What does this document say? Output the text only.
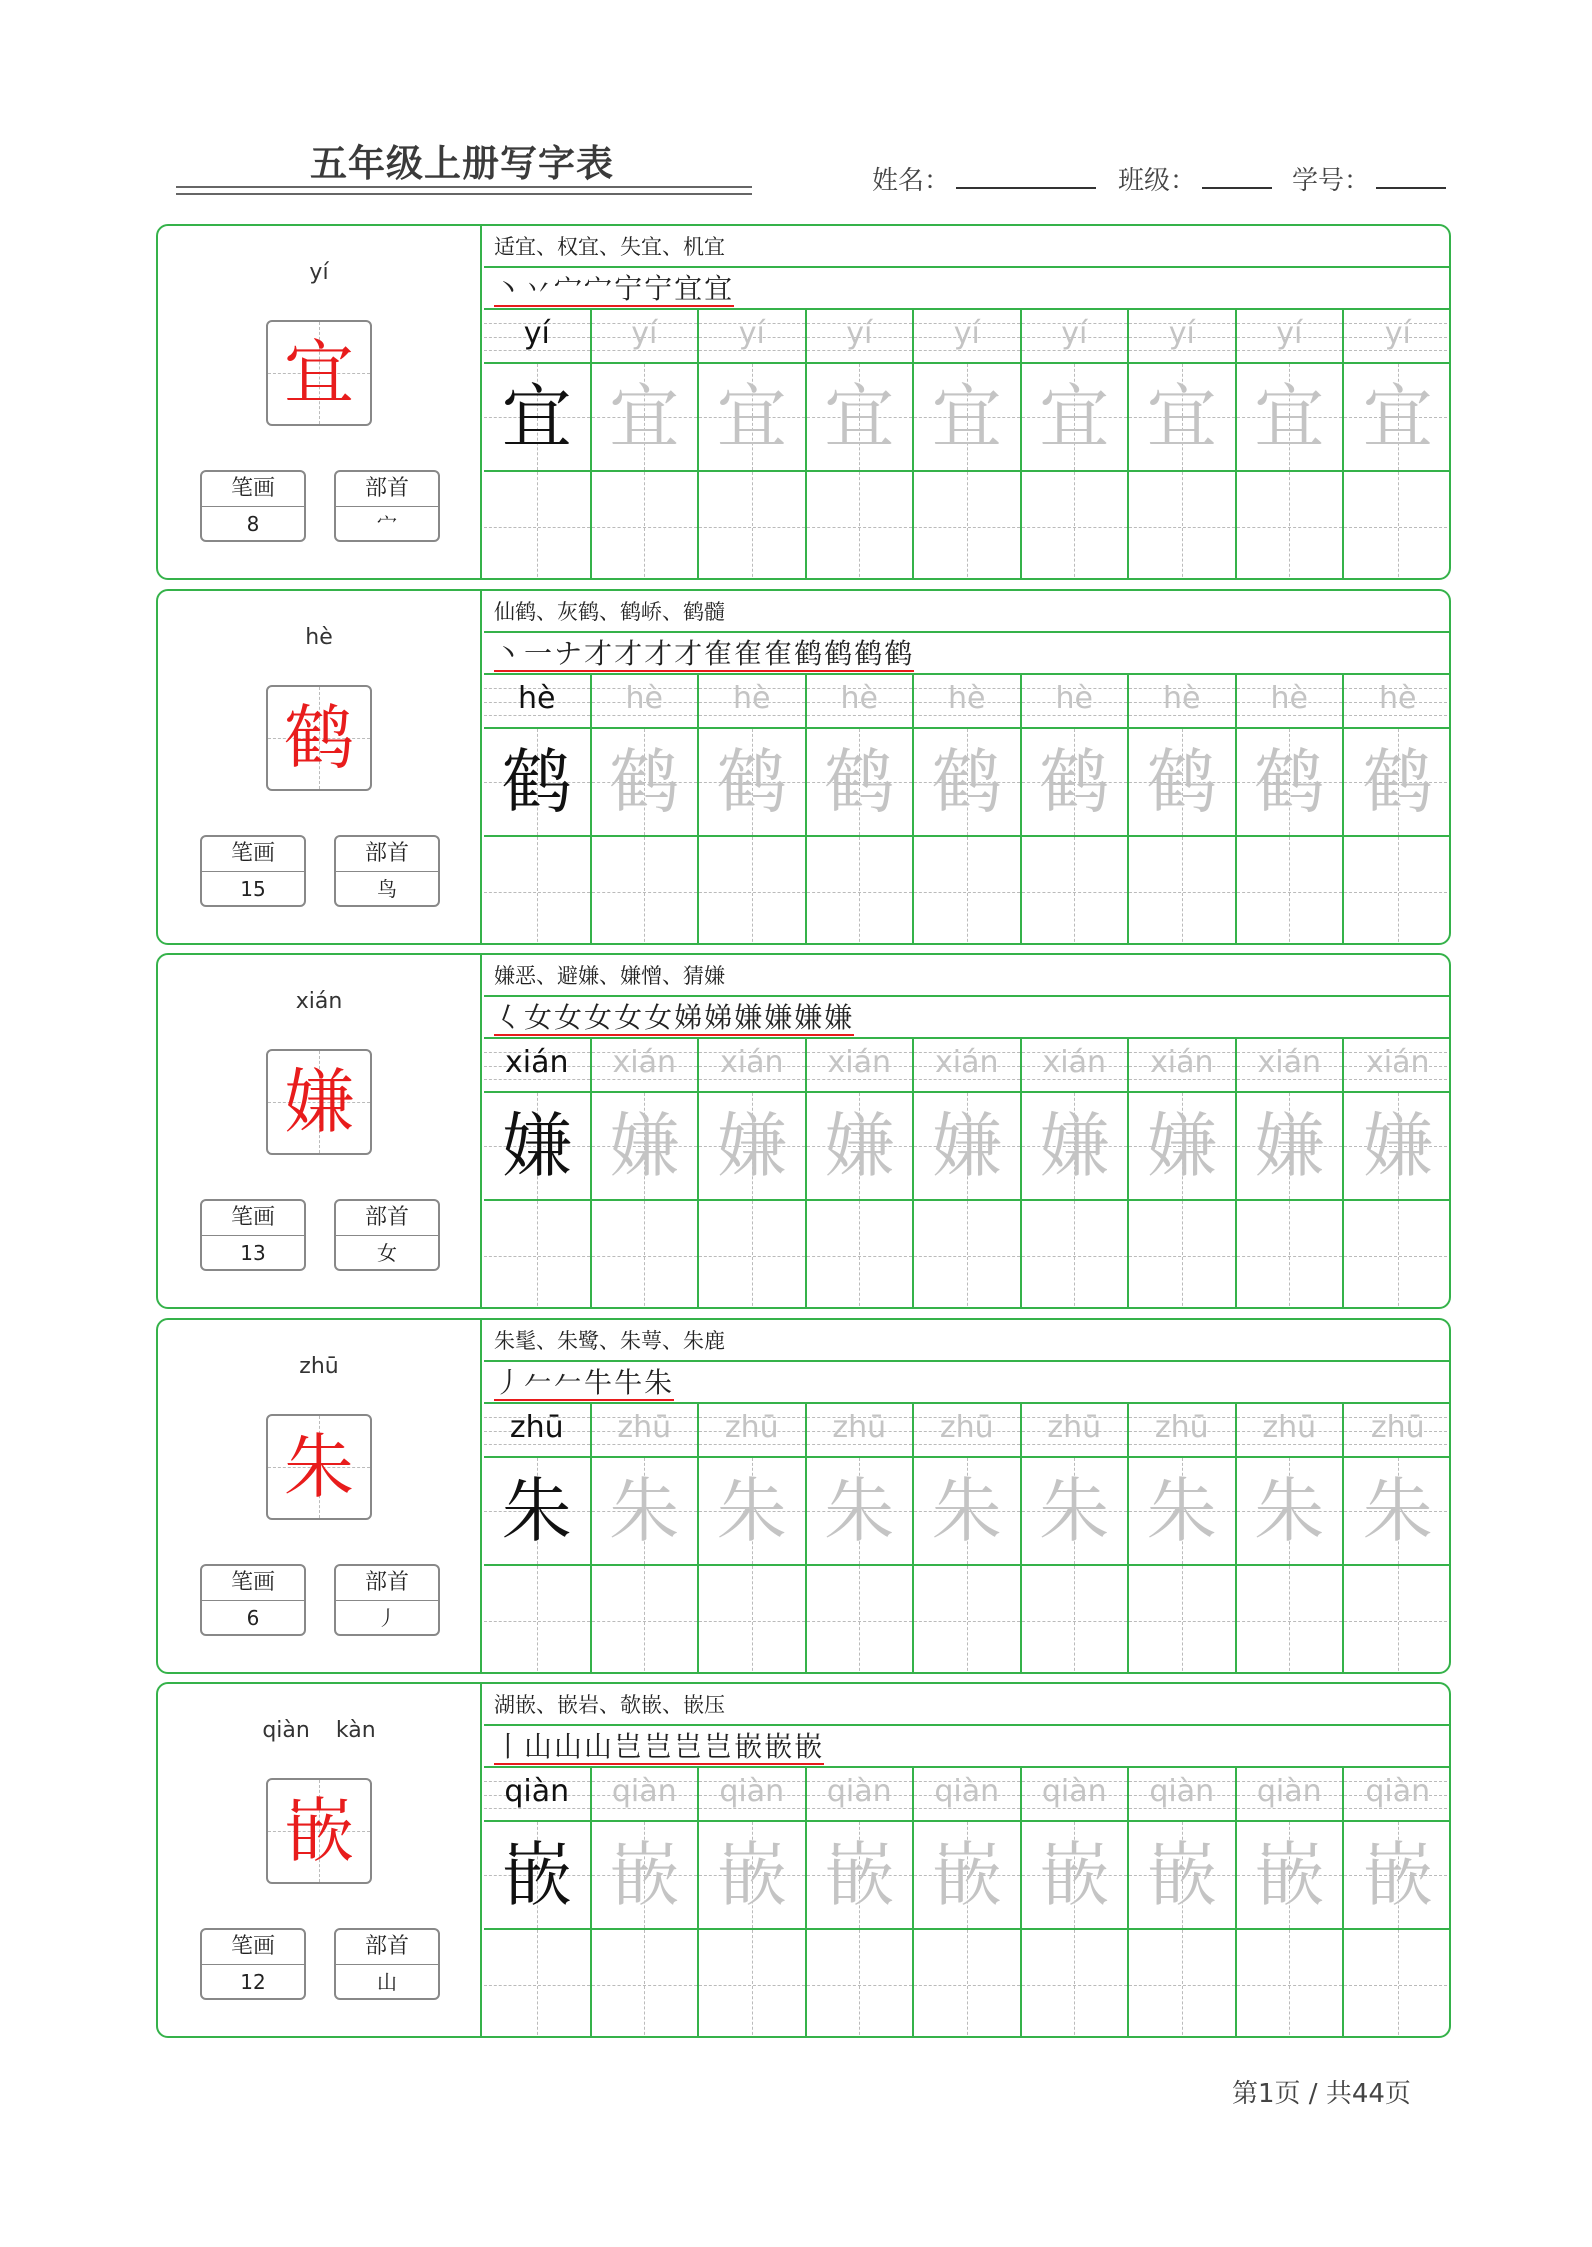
五年级上册写字表	姓名：	班级：	学号：
yí
宜
笔画
8
部首
宀
适宜、权宜、失宜、机宜
丶丷宀宀宁宁宜宜
yí
宜
yí
宜
yí
宜
yí
宜
yí
宜
yí
宜
yí
宜
yí
宜
yí
宜
hè
鹤
笔画
15
部首
鸟
仙鹤、灰鹤、鹤峤、鹤髓
丶一ナ才才才才隺隺隺鹤鹤鹤鹤
hè
鹤
hè
鹤
hè
鹤
hè
鹤
hè
鹤
hè
鹤
hè
鹤
hè
鹤
hè
鹤
xián
嫌
笔画
13
部首
女
嫌恶、避嫌、嫌憎、猜嫌
𡿨女女女女女娣娣嫌嫌嫌嫌
xián
嫌
xián
嫌
xián
嫌
xián
嫌
xián
嫌
xián
嫌
xián
嫌
xián
嫌
xián
嫌
zhū
朱
笔画
6
部首
丿
朱髦、朱鹭、朱萼、朱鹿
丿𠂉𠂉牛牛朱
zhū
朱
zhū
朱
zhū
朱
zhū
朱
zhū
朱
zhū
朱
zhū
朱
zhū
朱
zhū
朱
qiàn kàn
嵌
笔画
12
部首
山
湖嵌、嵌岩、欹嵌、嵌压
丨山山山岂岂岂岂嵌嵌嵌
qiàn
嵌
qiàn
嵌
qiàn
嵌
qiàn
嵌
qiàn
嵌
qiàn
嵌
qiàn
嵌
qiàn
嵌
qiàn
嵌
第1页 / 共44页
